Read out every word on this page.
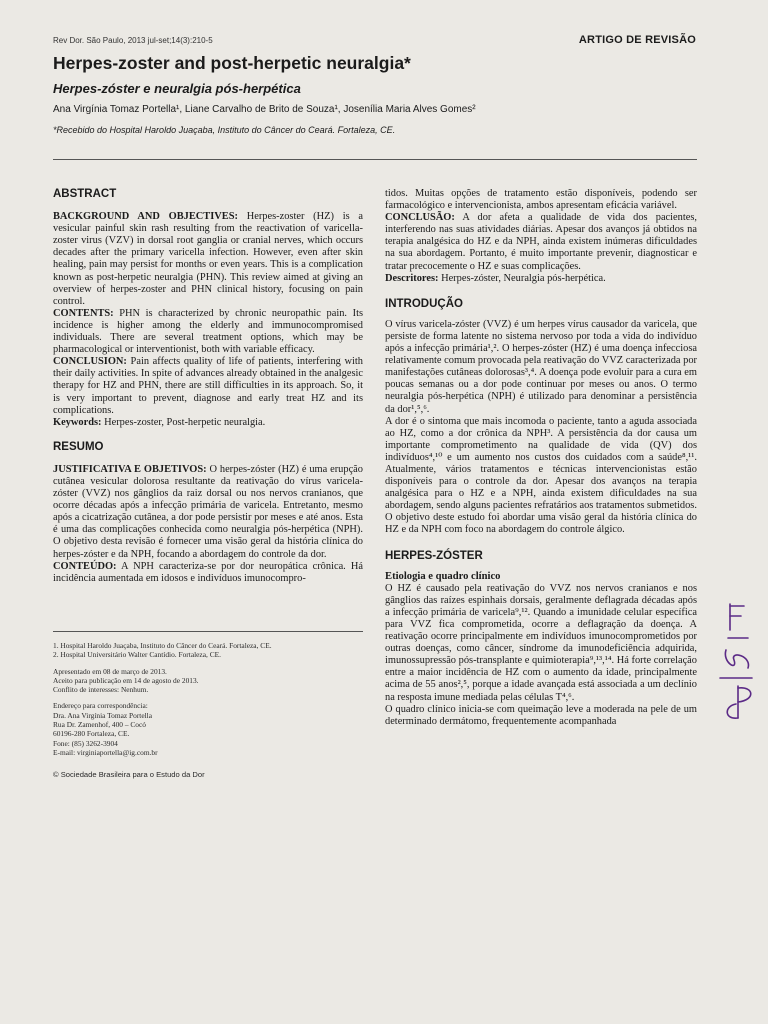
Rev Dor. São Paulo, 2013 jul-set;14(3):210-5	ARTIGO DE REVISÃO
Herpes-zoster and post-herpetic neuralgia*
Herpes-zóster e neuralgia pós-herpética
Ana Virgínia Tomaz Portella¹, Liane Carvalho de Brito de Souza¹, Josenília Maria Alves Gomes²
*Recebido do Hospital Haroldo Juaçaba, Instituto do Câncer do Ceará. Fortaleza, CE.
ABSTRACT

BACKGROUND AND OBJECTIVES: Herpes-zoster (HZ) is a vesicular painful skin rash resulting from the reactivation of varicella-zoster virus (VZV) in dorsal root ganglia or cranial nerves, which occurs decades after the primary varicella infection. However, even after skin healing, pain may persist for months or even years. This is a complication known as post-herpetic neuralgia (PHN). This review aimed at giving an overview of herpes-zoster and PHN clinical history, focusing on pain control.

CONTENTS: PHN is characterized by chronic neuropathic pain. Its incidence is higher among the elderly and immunocompromised individuals. There are several treatment options, which may be pharmacological or interventionist, both with variable efficacy.

CONCLUSION: Pain affects quality of life of patients, interfering with their daily activities. In spite of advances already obtained in the analgesic therapy for HZ and PHN, there are still difficulties in its approach. So, it is very important to prevent, diagnose and early treat HZ and its complications.

Keywords: Herpes-zoster, Post-herpetic neuralgia.

RESUMO

JUSTIFICATIVA E OBJETIVOS: O herpes-zóster (HZ) é uma erupção cutânea vesicular dolorosa resultante da reativação do vírus varicela-zóster (VVZ) nos gânglios da raiz dorsal ou nos nervos cranianos, que ocorre décadas após a infecção primária de varicela. Entretanto, mesmo após a cicatrização cutânea, a dor pode persistir por meses e até anos. Esta é uma das complicações conhecida como neuralgia pós-herpética (NPH). O objetivo desta revisão é fornecer uma visão geral da história clínica do herpes-zóster e da NPH, focando a abordagem do controle da dor.

CONTEÚDO: A NPH caracteriza-se por dor neuropática crônica. Há incidência aumentada em idosos e indivíduos imunocompro-

1. Hospital Haroldo Juaçaba, Instituto do Câncer do Ceará. Fortaleza, CE.

2. Hospital Universitário Walter Cantídio. Fortaleza, CE.

Apresentado em 08 de março de 2013.

Aceito para publicação em 14 de agosto de 2013.

Conflito de interesses: Nenhum.

Endereço para correspondência:

Dra. Ana Virgínia Tomaz Portella

Rua Dr. Zamenhof, 400 – Cocó

60196-280 Fortaleza, CE.

Fone: (85) 3262-3904

E-mail: virginiaportella@ig.com.br

© Sociedade Brasileira para o Estudo da Dor

tidos. Muitas opções de tratamento estão disponíveis, podendo ser farmacológico e intervencionista, ambos apresentam eficácia variável.

CONCLUSÃO: A dor afeta a qualidade de vida dos pacientes, interferendo nas suas atividades diárias. Apesar dos avanços já obtidos na terapia analgésica do HZ e da NPH, ainda existem inúmeras dificuldades na sua abordagem. Portanto, é muito importante prevenir, diagnosticar e tratar precocemente o HZ e suas complicações.

Descritores: Herpes-zóster, Neuralgia pós-herpética.

INTRODUÇÃO

O vírus varicela-zóster (VVZ) é um herpes vírus causador da varicela, que persiste de forma latente no sistema nervoso por toda a vida do indivíduo após a infecção primária¹,². O herpes-zóster (HZ) é uma doença infecciosa relativamente comum provocada pela reativação do VVZ caracterizada por manifestações cutâneas dolorosas³,⁴. A doença pode evoluir para a cura em poucas semanas ou a dor pode continuar por meses ou anos. O termo neuralgia pós-herpética (NPH) é utilizado para denominar a persistência da dor¹,⁵,⁶.

A dor é o sintoma que mais incomoda o paciente, tanto a aguda associada ao HZ, como a dor crônica da NPH³. A persistência da dor causa um importante comprometimento na qualidade de vida (QV) dos indivíduos⁴,¹⁰ e um aumento nos custos dos cuidados com a saúde⁸,¹¹. Atualmente, vários tratamentos e técnicas intervencionistas estão disponíveis para o controle da dor. Apesar dos avanços na terapia analgésica para o HZ e a NPH, ainda existem dificuldades na sua abordagem, sendo alguns pacientes refratários aos tratamentos submetidos.

O objetivo deste estudo foi abordar uma visão geral da história clínica do HZ e da NPH com foco na abordagem do controle álgico.

HERPES-ZÓSTER

Etiologia e quadro clínico

O HZ é causado pela reativação do VVZ nos nervos cranianos e nos gânglios das raízes espinhais dorsais, geralmente deflagrada décadas após a infecção primária de varicela⁹,¹². Quando a imunidade celular específica para VVZ fica comprometida, ocorre a deflagração da doença. A reativação ocorre principalmente em indivíduos imunocomprometidos por outras doenças, como câncer, síndrome da imunodeficiência adquirida, imunossupressão pós-transplante e quimioterapia⁹,¹³,¹⁴. Há forte correlação entre a maior incidência de HZ com o aumento da idade, principalmente acima de 55 anos²,⁵, porque a idade avançada está associada a um declínio na resposta imune mediada pelas células T⁴,⁶.

O quadro clínico inicia-se com queimação leve a moderada na pele de um determinado dermátomo, frequentemente acompanhada
